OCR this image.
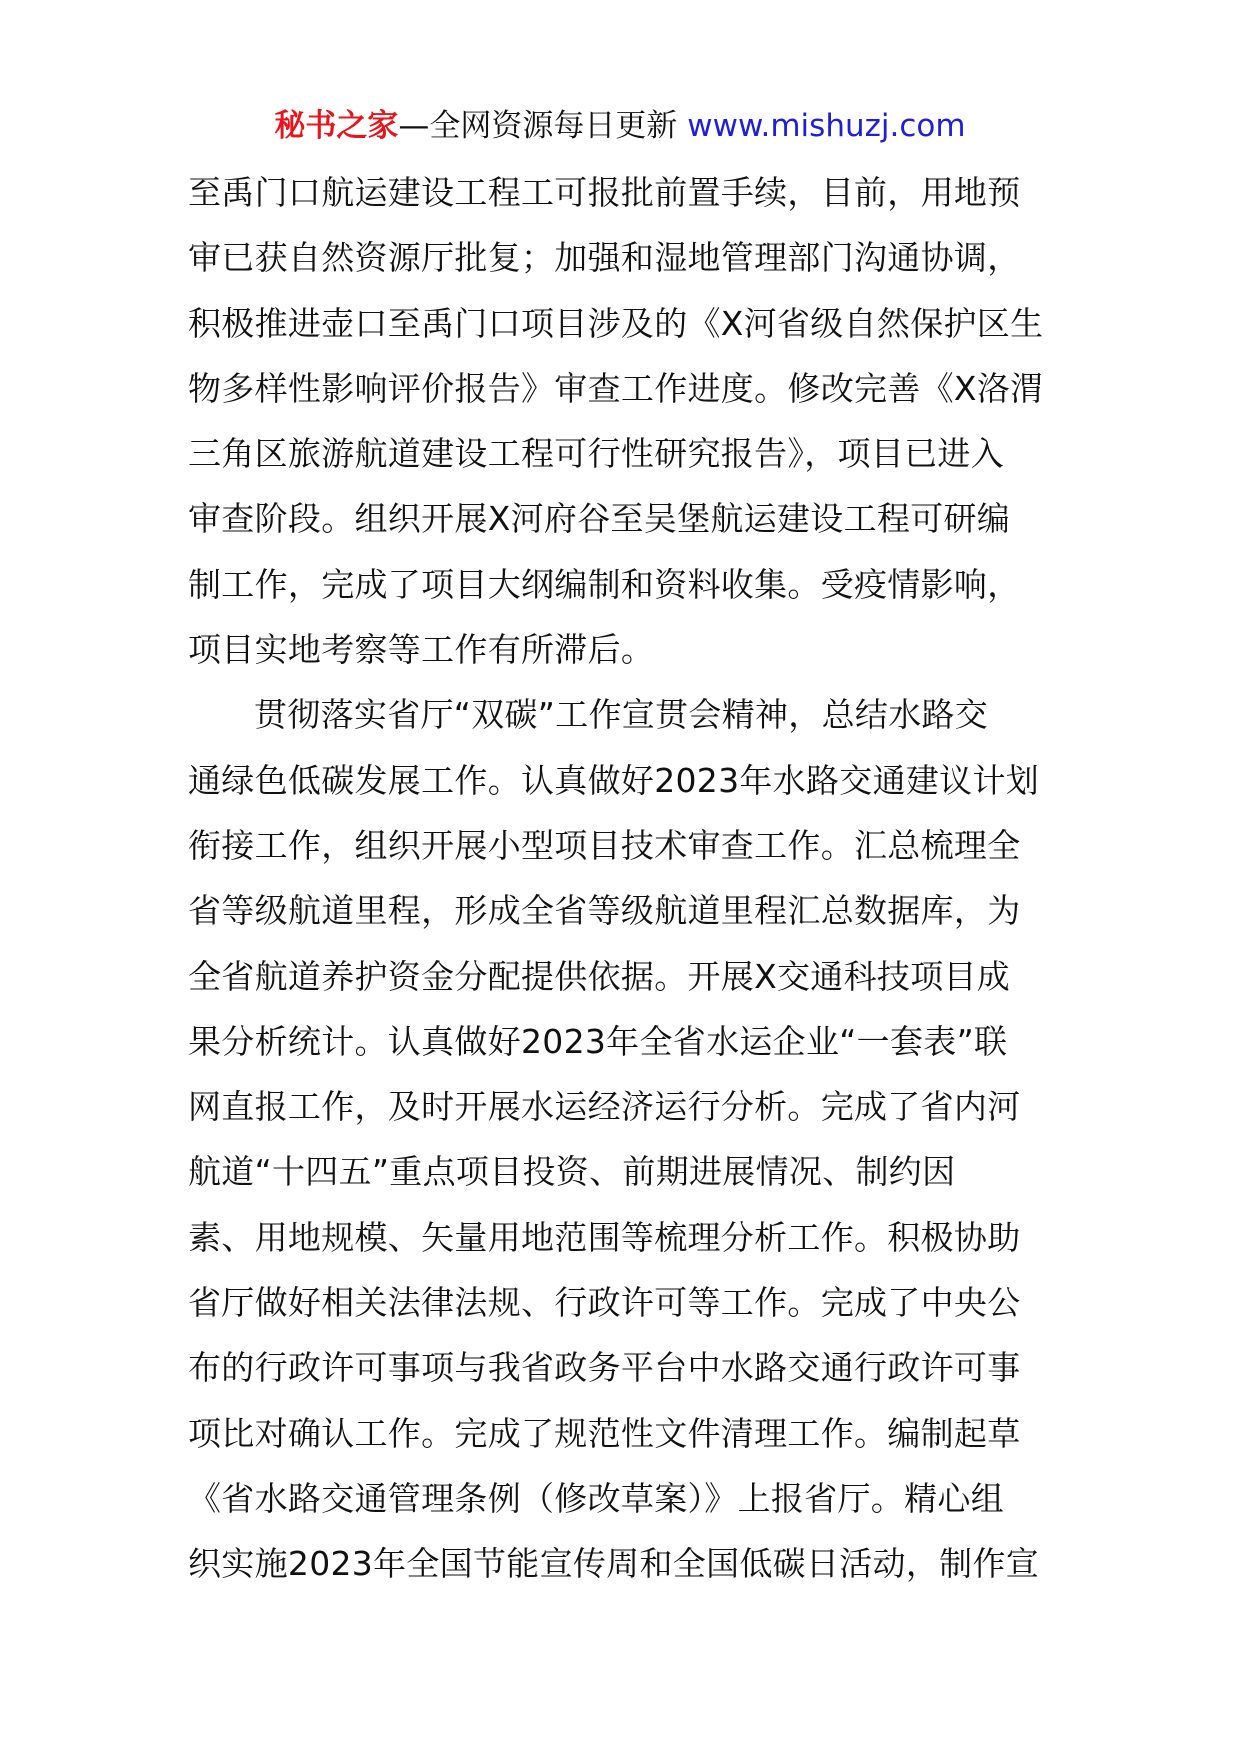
秘书之家—全网资源每日更新 www.mishuzj.com
至禹门口航运建设工程工可报批前置手续，目前，用地预
审已获自然资源厅批复；加强和湿地管理部门沟通协调，
积极推进壶口至禹门口项目涉及的《X河省级自然保护区生
物多样性影响评价报告》审查工作进度。修改完善《X洛渭
三角区旅游航道建设工程可行性研究报告》，项目已进入
审查阶段。组织开展X河府谷至吴堡航运建设工程可研编
制工作，完成了项目大纲编制和资料收集。受疫情影响，
项目实地考察等工作有所滞后。
贯彻落实省厅“双碳”工作宣贯会精神，总结水路交
通绿色低碳发展工作。认真做好2023年水路交通建议计划
衔接工作，组织开展小型项目技术审查工作。汇总梳理全
省等级航道里程，形成全省等级航道里程汇总数据库，为
全省航道养护资金分配提供依据。开展X交通科技项目成
果分析统计。认真做好2023年全省水运企业“一套表”联
网直报工作，及时开展水运经济运行分析。完成了省内河
航道“十四五”重点项目投资、前期进展情况、制约因
素、用地规模、矢量用地范围等梳理分析工作。积极协助
省厅做好相关法律法规、行政许可等工作。完成了中央公
布的行政许可事项与我省政务平台中水路交通行政许可事
项比对确认工作。完成了规范性文件清理工作。编制起草
《省水路交通管理条例（修改草案）》上报省厅。精心组
织实施2023年全国节能宣传周和全国低碳日活动，制作宣
